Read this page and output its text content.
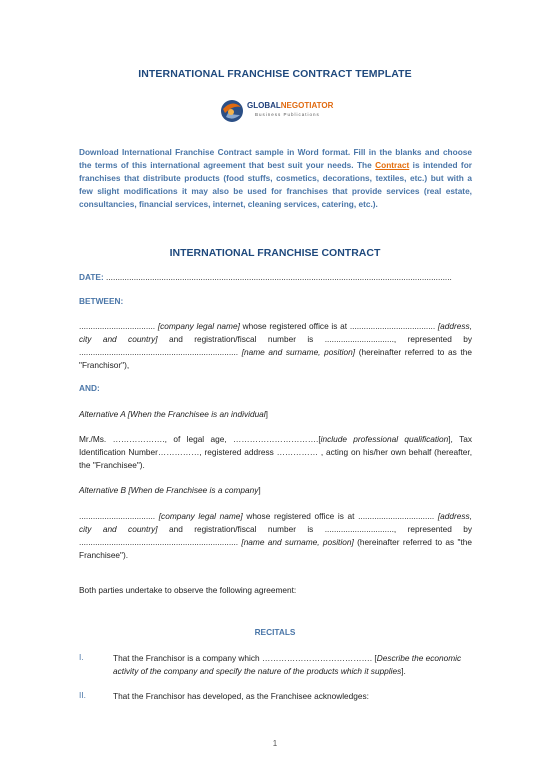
INTERNATIONAL FRANCHISE CONTRACT TEMPLATE
GLOBALNEGOTIATOR
Business Publications
Download International Franchise Contract sample in Word format. Fill in the blanks and choose the terms of this international agreement that best suit your needs. The Contract is intended for franchises that distribute products (food stuffs, cosmetics, decorations, textiles, etc.) but with a few slight modifications it may also be used for franchises that provide services (real estate, consultancies, financial services, internet, cleaning services, catering, etc.).
INTERNATIONAL FRANCHISE CONTRACT
DATE: ......................................................................................................................................................
BETWEEN:
................................. [company legal name] whose registered office is at ..................................... [address, city and country] and registration/fiscal number is .............................., represented by ..................................................................... [name and surname, position] (hereinafter referred to as the "Franchisor"),
AND:
Alternative A [When the Franchisee is an individual]
Mr./Ms. ………………., of legal age, ………………………….[include professional qualification], Tax Identification Number……………, registered address …………… , acting on his/her own behalf (hereafter, the "Franchisee").
Alternative B [When de Franchisee is a company]
................................. [company legal name] whose registered office is at ................................. [address, city and country] and registration/fiscal number is .............................., represented by ..................................................................... [name and surname, position] (hereinafter referred to as "the Franchisee").
Both parties undertake to observe the following agreement:
RECITALS
I.	That the Franchisor is a company which …………………………………. [Describe the economic activity of the company and specify the nature of the products which it supplies].
II.	That the Franchisor has developed, as the Franchisee acknowledges:
1
